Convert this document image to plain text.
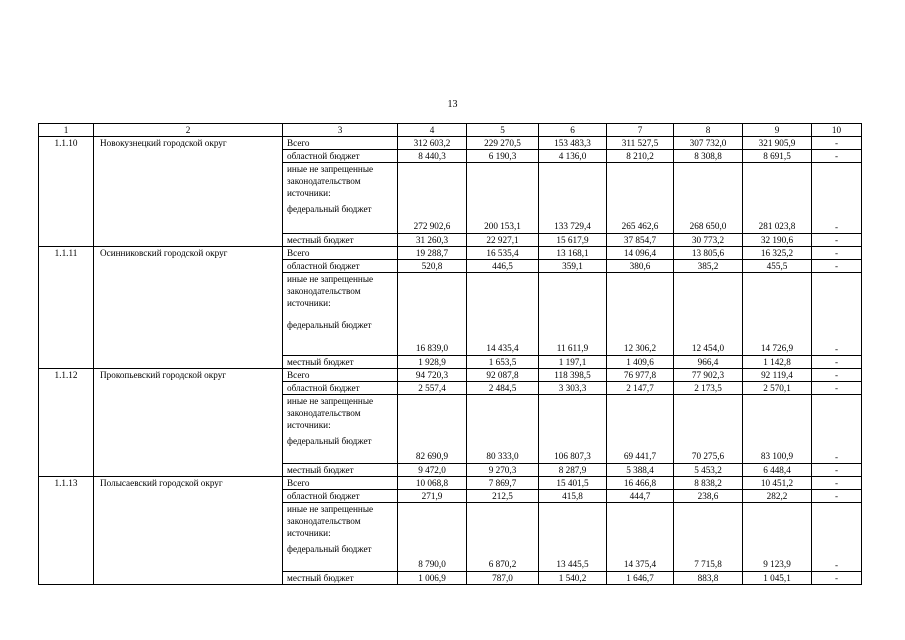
13
1	2	3	4	5	6	7	8	9	10
1.1.10	Новокузнецкий городской округ	Всего	312 603,2	229 270,5	153 483,3	311 527,5	307 732,0	321 905,9	-
		областной бюджет	8 440,3	6 190,3	4 136,0	8 210,2	8 308,8	8 691,5	-

		иные не запрещенные
законодательством
источники:
федеральный бюджет	272 902,6	200 153,1	133 729,4	265 462,6	268 650,0	281 023,8	-
		местный бюджет	31 260,3	22 927,1	15 617,9	37 854,7	30 773,2	32 190,6	-
1.1.11	Осинниковский городской округ	Всего	19 288,7	16 535,4	13 168,1	14 096,4	13 805,6	16 325,2	-
		областной бюджет	520,8	446,5	359,1	380,6	385,2	455,5	-

		иные не запрещенные
законодательством
источники:
федеральный бюджет	16 839,0	14 435,4	11 611,9	12 306,2	12 454,0	14 726,9	-
		местный бюджет	1 928,9	1 653,5	1 197,1	1 409,6	966,4	1 142,8	-
1.1.12	Прокопьевский городской округ	Всего	94 720,3	92 087,8	118 398,5	76 977,8	77 902,3	92 119,4	-
		областной бюджет	2 557,4	2 484,5	3 303,3	2 147,7	2 173,5	2 570,1	-

		иные не запрещенные
законодательством
источники:
федеральный бюджет	82 690,9	80 333,0	106 807,3	69 441,7	70 275,6	83 100,9	-
		местный бюджет	9 472,0	9 270,3	8 287,9	5 388,4	5 453,2	6 448,4	-
1.1.13	Полысаевский городской округ	Всего	10 068,8	7 869,7	15 401,5	16 466,8	8 838,2	10 451,2	-
		областной бюджет	271,9	212,5	415,8	444,7	238,6	282,2	-

		иные не запрещенные
законодательством
источники:
федеральный бюджет	8 790,0	6 870,2	13 445,5	14 375,4	7 715,8	9 123,9	-
		местный бюджет	1 006,9	787,0	1 540,2	1 646,7	883,8	1 045,1	-
